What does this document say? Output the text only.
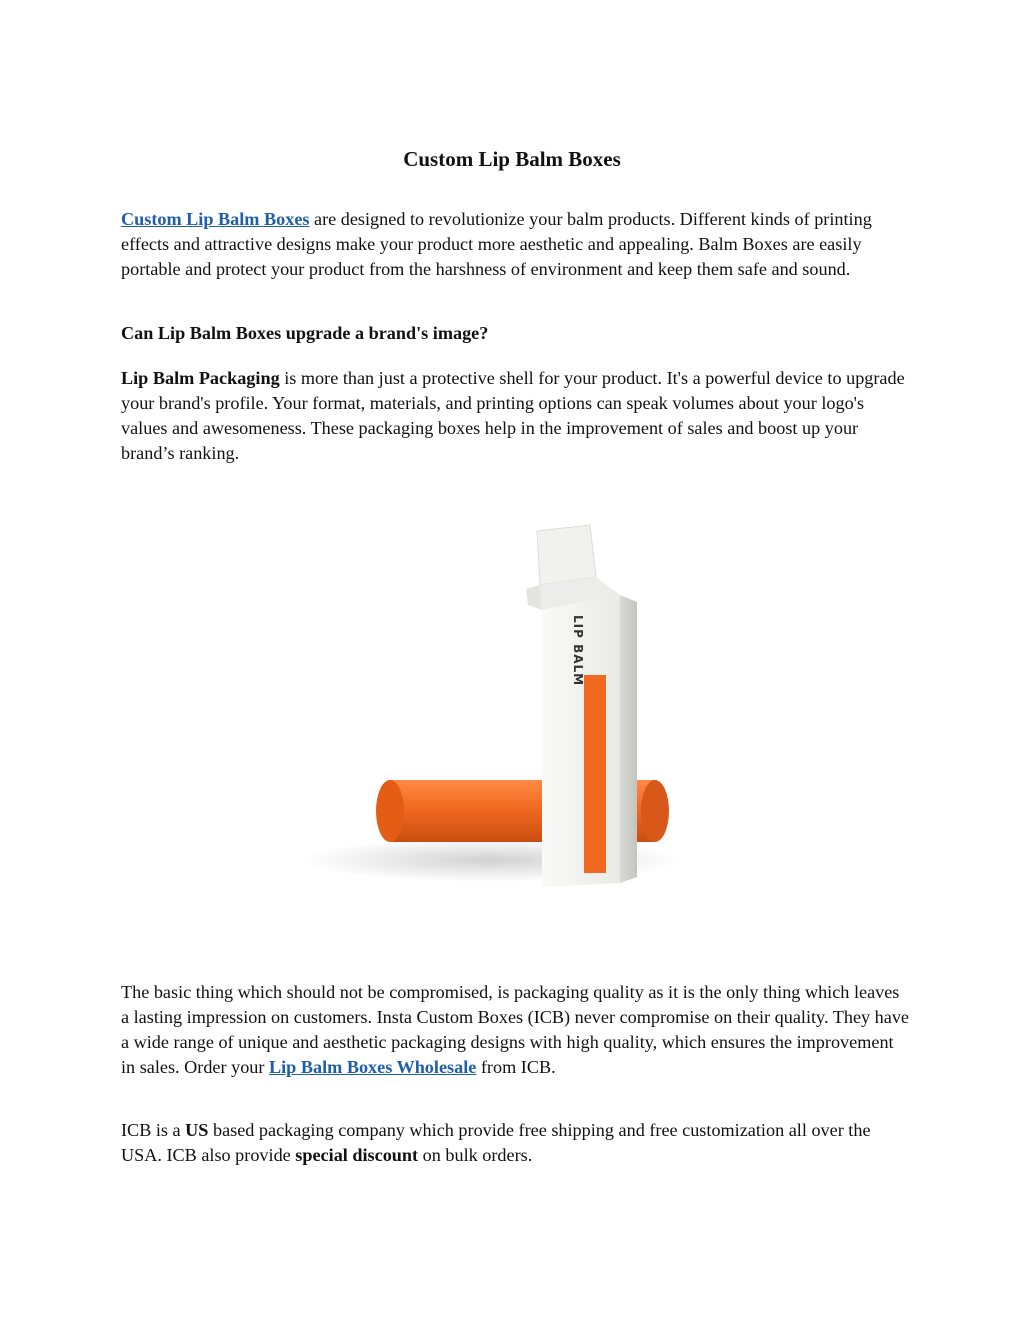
Custom Lip Balm Boxes

Custom Lip Balm Boxes are designed to revolutionize your balm products. Different kinds of printing effects and attractive designs make your product more aesthetic and appealing. Balm Boxes are easily portable and protect your product from the harshness of environment and keep them safe and sound.

Can Lip Balm Boxes upgrade a brand's image?

Lip Balm Packaging is more than just a protective shell for your product. It's a powerful device to upgrade your brand's profile. Your format, materials, and printing options can speak volumes about your logo's values and awesomeness. These packaging boxes help in the improvement of sales and boost up your brand’s ranking.

LIP BALM

The basic thing which should not be compromised, is packaging quality as it is the only thing which leaves a lasting impression on customers. Insta Custom Boxes (ICB) never compromise on their quality. They have a wide range of unique and aesthetic packaging designs with high quality, which ensures the improvement in sales. Order your Lip Balm Boxes Wholesale from ICB.

ICB is a US based packaging company which provide free shipping and free customization all over the USA. ICB also provide special discount on bulk orders.
